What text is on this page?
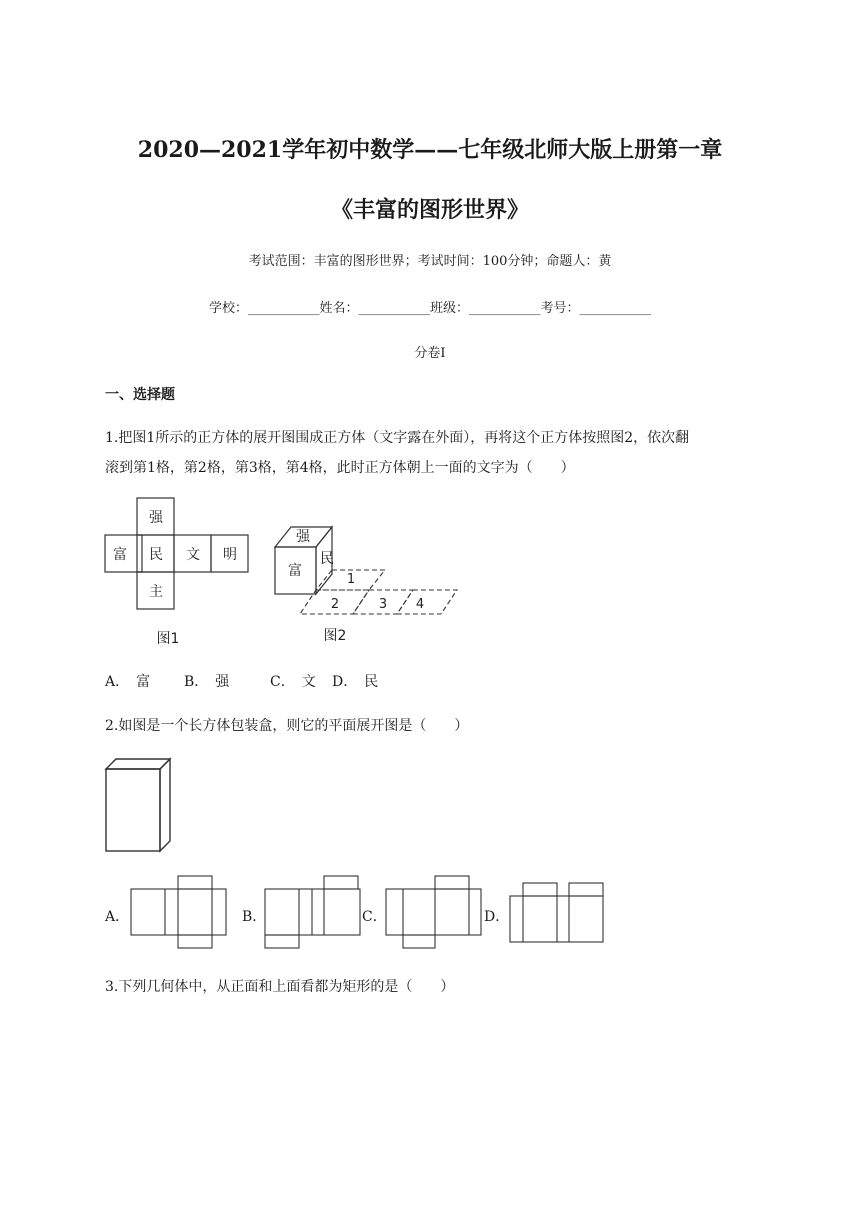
2020—2021学年初中数学——七年级北师大版上册第一章
《丰富的图形世界》
考试范围：丰富的图形世界；考试时间：100分钟；命题人：黄
学校：___________姓名：___________班级：___________考号：___________
分卷I
一、选择题
1.把图1所示的正方体的展开图围成正方体（文字露在外面），再将这个正方体按照图2，依次翻
滚到第1格，第2格，第3格，第4格，此时正方体朝上一面的文字为（　　）
强
富 民 文 明
主
图1
强
富
民
1
2	3 4
图2
A．　富 B．　强	C．　文 D．　民
2.如图是一个长方体包装盒，则它的平面展开图是（　　）
A．	B．	C．	D．
3.下列几何体中，从正面和上面看都为矩形的是（　　）
